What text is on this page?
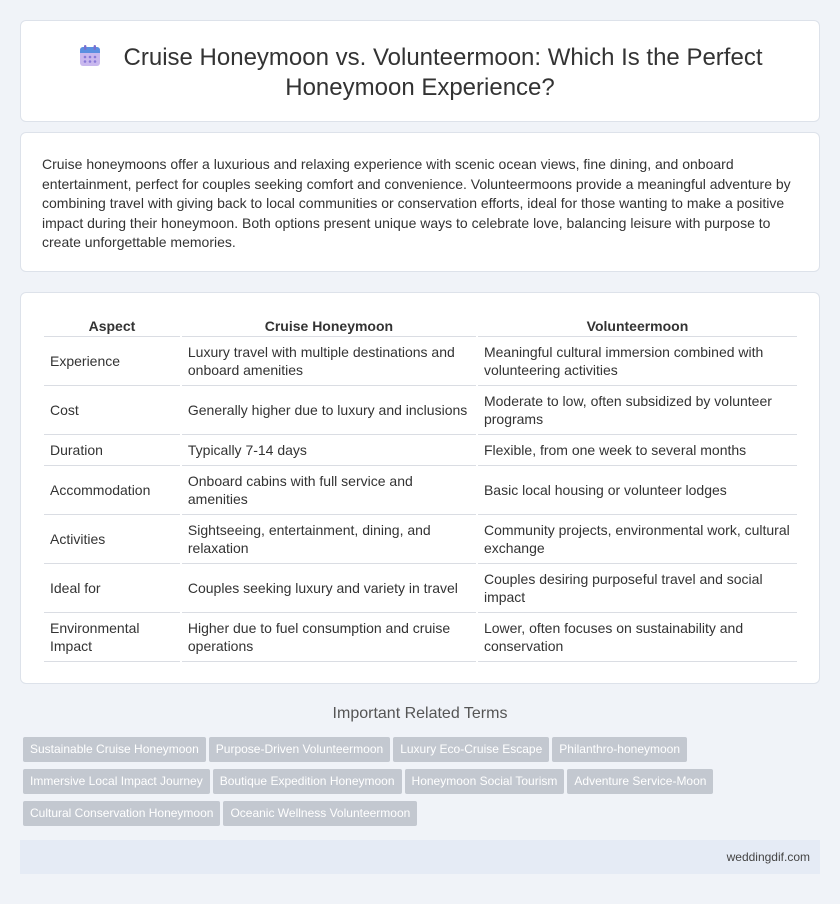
Cruise Honeymoon vs. Volunteermoon: Which Is the Perfect Honeymoon Experience?

Cruise honeymoons offer a luxurious and relaxing experience with scenic ocean views, fine dining, and onboard entertainment, perfect for couples seeking comfort and convenience. Volunteermoons provide a meaningful adventure by combining travel with giving back to local communities or conservation efforts, ideal for those wanting to make a positive impact during their honeymoon. Both options present unique ways to celebrate love, balancing leisure with purpose to create unforgettable memories.

Aspect	Cruise Honeymoon	Volunteermoon
Experience	Luxury travel with multiple destinations and onboard amenities	Meaningful cultural immersion combined with volunteering activities
Cost	Generally higher due to luxury and inclusions	Moderate to low, often subsidized by volunteer programs
Duration	Typically 7-14 days	Flexible, from one week to several months
Accommodation	Onboard cabins with full service and amenities	Basic local housing or volunteer lodges
Activities	Sightseeing, entertainment, dining, and relaxation	Community projects, environmental work, cultural exchange
Ideal for	Couples seeking luxury and variety in travel	Couples desiring purposeful travel and social impact
Environmental Impact	Higher due to fuel consumption and cruise operations	Lower, often focuses on sustainability and conservation
Important Related Terms
Sustainable Cruise Honeymoon Purpose-Driven Volunteermoon Luxury Eco-Cruise Escape Philanthro-honeymoon
Immersive Local Impact Journey Boutique Expedition Honeymoon Honeymoon Social Tourism Adventure Service-Moon
Cultural Conservation Honeymoon Oceanic Wellness Volunteermoon
weddingdif.com
